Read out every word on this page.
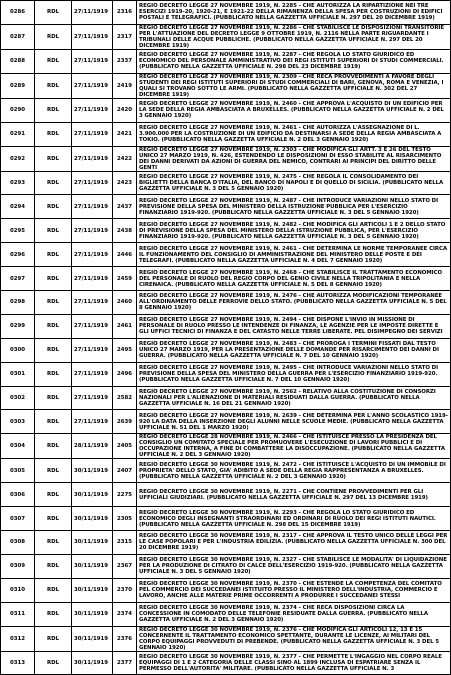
0286	RDL	27/11/1919	2316	REGIO DECRETO LEGGE 27 NOVEMBRE 1919, N. 2285 - CHE AUTORIZZA LA RIPARTIZIONE NEI TRE ESERCIZI 1919-20, 1920-21, E 1921-22 DELLA RIMANENZA DELLA SPESA PER COSTRUZIONI DI EDIFICI POSTALI E TELEGRAFICI. (PUBBLICATO NELLA GAZZETTA UFFICIALE N. 297 DEL 20 DICEMBRE 1919)
0287	RDL	27/11/1919	2317	REGIO DECRETO LEGGE 27 NOVEMBRE 1919, N. 2286 - CHE STABILISCE LE DISPOSIZIONI TRANSITORIE PER L'ATTUAZIONE DEL DECRETO LEGGE 9 OTTOBRE 1919, N. 2116 NELLA PARTE RIGUARDANTE I TRIBUNALI DELLE ACQUE PUBBLICHE. (PUBBLICATO NELLA GAZZETTA UFFICIALE N. 297 DEL 20 DICEMBRE 1919)
0288	RDL	27/11/1919	2337	REGIO DECRETO LEGGE 27 NOVEMBRE 1919, N. 2287 - CHE REGOLA LO STATO GIURIDICO ED ECONOMICO DEL PERSONALE AMMINISTRATIVO DEI REGI ISTITUTI SUPERIORI DI STUDI COMMERCIALI. (PUBBLICATO NELLA GAZZETTA UFFICIALE N. 298 DEL 23 DICEMBRE 1919)
0289	RDL	27/11/1919	2419	REGIO DECRETO LEGGE 27 NOVEMBRE 1919, N. 2309 - CHE RECA PROVVEDIMENTI A FAVORE DEGLI STUDENTI DEI REGI ISTITUTI SUPERIORI DI STUDI COMMERCIALI DI BARI, GENOVA, ROMA E VENEZIA, I QUALI SI TROVANO SOTTO LE ARMI. (PUBBLICATO NELLA GAZZETTA UFFICIALE N. 302 DEL 27 DICEMBRE 1919)
0290	RDL	27/11/1919	2420	REGIO DECRETO LEGGE 27 NOVEMBRE 1919, N. 2460 - CHE APPROVA L'ACQUISTO DI UN EDIFICIO PER LA SEDE DELLA REGIA AMBASCIATA A BRUXELLES. (PUBBLICATO NELLA GAZZETTA UFFICIALE N. 2 DEL 3 GENNAIO 1920)
0291	RDL	27/11/1919	2421	REGIO DECRETO LEGGE 27 NOVEMBRE 1919, N. 2461 - CHE AUTORIZZA L'ASSEGNAZIONE DI L. 3.900.000 PER LA COSTRUZIONE DI UN EDIFICIO DA DESTINARSI A SEDE DELLA REGIA AMBASCIATA A TOKIO. (PUBBLICATO NELLA GAZZETTA UFFICIALE N. 2 DEL 3 GENNAIO 1920)
0292	RDL	27/11/1919	2422	REGIO DECRETO LEGGE 27 NOVEMBRE 1919, N. 2303 - CHE MODIFICA GLI ARTT. 3 E 26 DEL TESTO UNICO 27 MARZO 1919, N. 426, ESTENDENDO LE DISPOSIZIONI DI ESSO STABILITE AL RISARCIMENTO DEI DANNI DERIVATI DA AZIONI DI GUERRA DEL NEMICO, CONTRARI AI PRINCIPI DEL DIRITTO DELLE GENTI
0293	RDL	27/11/1919	2423	REGIO DECRETO LEGGE 27 NOVEMBRE 1919, N. 2475 - CHE REGOLA IL CONSOLIDAMENTO DEI BIGLIETTI DELLA BANCA D'ITALIA, DEL BANCO DI NAPOLI E DI QUELLO DI SICILIA. (PUBBLICATO NELLA GAZZETTA UFFICIALE N. 3 DEL 5 GENNAIO 1920)
0294	RDL	27/11/1919	2437	REGIO DECRETO LEGGE 27 NOVEMBRE 1919, N. 2487 - CHE INTRODUCE VARIAZIONI NELLO STATO DI PREVISIONE DELLA SPESA DEL MINISTERO DELLA ISTRUZIONE PUBBLICA PER L'ESERCIZIO FINANZIARIO 1919-920. (PUBBLICATO NELLA GAZZETTA UFFICIALE N. 3 DEL 5 GENNAIO 1920)
0295	RDL	27/11/1919	2438	REGIO DECRETO LEGGE 27 NOVEMBRE 1919, N. 2482 - CHE MODIFICA GLI ARTICOLI 1 E 2 DELLO STATO DI PREVISIONE DELLA SPESA DEL MINISTERO DELLA ISTRUZIONE PUBBLICA, PER L'ESERCIZIO FINANZIARIO 1919-920. (PUBBLICATO NELLA GAZZETTA UFFICIALE N. 3 DEL 5 GENNAIO 1920)
0296	RDL	27/11/1919	2446	REGIO DECRETO LEGGE 27 NOVEMBRE 1919, N. 2461 - CHE DETERMINA LE NORME TEMPORANEE CIRCA IL FUNZIONAMENTO DEL CONSIGLIO DI AMMINISTRAZIONE DEL MINISTERO DELLE POSTE E DEI TELEGRAFI. (PUBBLICATO NELLA GAZZETTA UFFICIALE N. 4 DEL 7 GENNAIO 1920)
0297	RDL	27/11/1919	2459	REGIO DECRETO LEGGE 27 NOVEMBRE 1919, N. 2468 - CHE STABILISCE IL TRATTAMENTO ECONOMICO DEL PERSONALE DI RUOLO DEL REGIO CORPO DEL GENIO CIVILE NELLA TRIPOLITANIA E NELLA CIRENAICA. (PUBBLICATO NELLA GAZZETTA UFFICIALE N. 5 DEL 8 GENNAIO 1920)
0298	RDL	27/11/1919	2460	REGIO DECRETO LEGGE 27 NOVEMBRE 1919, N. 2476 - CHE AUTORIZZA MODIFICAZIONI TEMPORANEE ALL'ORDINAMENTO DELLE FERROVIE DELLO STATO. (PUBBLICATO NELLA GAZZETTA UFFICIALE N. 5 DEL 8 GENNAIO 1920)
0299	RDL	27/11/1919	2461	REGIO DECRETO LEGGE 27 NOVEMBRE 1919, N. 2494 - CHE DISPONE L'INVIO IN MISSIONE DI PERSONALE DI RUOLO PRESSO LE INTENDENZE DI FINANZA, LE AGENZIE PER LE IMPOSTE DIRETTE E GLI UFFICI TECNICI DI FINANZA E DEL CATASTO NELLE TERRE LIBERATE. PEL DISIMPEGNO DEI SERVIZI
0300	RDL	27/11/1919	2495	REGIO DECRETO LEGGE 27 NOVEMBRE 1919, N. 2483 - CHE PROROGA I TERMINI FISSATI DAL TESTO UNICO 27 MARZO 1919, PER LA PRESENTAZIONE DELLE DOMANDE PER RISARCIMENTO DEI DANNI DI GUERRA. (PUBBLICATO NELLA GAZZETTA UFFICIALE N. 7 DEL 10 GENNAIO 1920)
0301	RDL	27/11/1919	2496	REGIO DECRETO LEGGE 27 NOVEMBRE 1919, N. 2495 - CHE INTRODUCE VARIAZIONI NELLO STATO DI PREVISIONE DELLA SPESA DEL MINISTERO DELLA GUERRA PER L'ESERCIZIO FINANZIARIO 1919-920. (PUBBLICATO NELLA GAZZETTA UFFICIALE N. 7 DEL 10 GENNAIO 1920)
0302	RDL	27/11/1919	2582	REGIO DECRETO LEGGE 27 NOVEMBRE 1919, N. 2562 - RELATIVO ALLA COSTITUZIONE DI CONSORZI NAZIONALI PER L'ALIENAZIONE DI MATERIALI RESIDUATI DALLA GUERRA. (PUBBLICATO NELLA GAZZETTA UFFICIALE N. 16 DEL 21 GENNAIO 1920)
0303	RDL	27/11/1919	2639	REGIO DECRETO LEGGE 27 NOVEMBRE 1919, N. 2639 - CHE DETERMINA PER L'ANNO SCOLASTICO 1919-920 LA DATA DELLA INSERZIONE DEGLI ALUNNI NELLE SCUOLE MEDIE. (PUBBLICATO NELLA GAZZETTA UFFICIALE N. 51 DEL 1 MARZO 1920)
0304	RDL	28/11/1919	2405	REGIO DECRETO LEGGE 28 NOVEMBRE 1919, N. 2466 - CHE ISTITUISCE PRESSO LA PRESIDENZA DEL CONSIGLIO UN COMITATO SPECIALE PER PROMUOVERE L'ESECUZIONE DI LAVORI PUBBLICI E DI OCCUPAZIONE INTERNA, A FINE DI COMBATTERE LA DISOCCUPAZIONE. (PUBBLICATO NELLA GAZZETTA UFFICIALE N. 2 DEL 3 GENNAIO 1920)
0305	RDL	30/11/1919	2407	REGIO DECRETO LEGGE 30 NOVEMBRE 1919, N. 2472 - CHE ISTITUISCE L'ACQUISTO DI UN IMMOBILE DI PROPRIETA' DELLO STATO, GIA' ADIBITO A SEDE DELLA REGIA RAPPRESENTANZA A BRUXELLES. (PUBBLICATO NELLA GAZZETTA UFFICIALE N. 2 DEL 3 GENNAIO 1920)
0306	RDL	30/11/1919	2275	REGIO DECRETO LEGGE 30 NOVEMBRE 1919, N. 2271 - CHE CONTIENE PROVVEDIMENTI PER GLI UFFICIALI GIUDIZIARI. (PUBBLICATO NELLA GAZZETTA UFFICIALE N. 297 DEL 13 DICEMBRE 1919)
0307	RDL	30/11/1919	2305	REGIO DECRETO LEGGE 30 NOVEMBRE 1919, N. 2293 - CHE REGOLA LO STATO GIURIDICO ED ECONOMICO DEGLI INSEGNANTI STRAORDINARI ED ORDINARI DI RUOLO DEI REGI ISTITUTI NAUTICI. (PUBBLICATO NELLA GAZZETTA UFFICIALE N. 298 DEL 15 DICEMBRE 1919)
0308	RDL	30/11/1919	2315	REGIO DECRETO LEGGE 30 NOVEMBRE 1919, N. 2317 - CHE APPROVA IL TESTO UNICO DELLE LEGGI PER LE CASE POPOLARI E PER L'INDUSTRIA EDILIZIA. (PUBBLICATO NELLA GAZZETTA UFFICIALE N. 300 DEL 20 DICEMBRE 1919)
0309	RDL	30/11/1919	2367	REGIO DECRETO LEGGE 30 NOVEMBRE 1919, N. 2327 - CHE STABILISCE LE MODALITA' DI LIQUIDAZIONE PER LA PRODUZIONE DI CITRATO DI CALCE DELL'ESERCIZIO 1919-920. (PUBBLICATO NELLA GAZZETTA UFFICIALE N. 3 DEL 5 GENNAIO 1920)
0310	RDL	30/11/1919	2370	REGIO DECRETO LEGGE 30 NOVEMBRE 1919, N. 2370 - CHE ESTENDE LA COMPETENZA DEL COMITATO PEL COMMERCIO DEI SUCCEDANEI ISTITUITO PRESSO IL MINISTERO DELL'INDUSTRIA, COMMERCIO E LAVORO, ANCHE ALLE MATERIE PRIME OCCORRENTI A PRODURRE I SUCCEDANEI STESSI
0311	RDL	30/11/1919	2374	REGIO DECRETO LEGGE 30 NOVEMBRE 1919, N. 2374 - CHE RECA DISPOSIZIONI CIRCA LA CONCESSIONE IN COMODATO DELLE TELEFONIE RESIDUATE DALLA GUERRA. (PUBBLICATO NELLA GAZZETTA UFFICIALE N. 2 DEL 3 GENNAIO 1920)
0312	RDL	30/11/1919	2376	REGIO DECRETO LEGGE 30 NOVEMBRE 1919, N. 2376 - CHE MODIFICA GLI ARTICOLI 12, 13 E 15 CONCERNENTE IL TRATTAMENTO ECONOMICO SPETTANTE, DURANTE LE LICENZE, AI MILITARI DEL CORPO EQUIPAGGI PROVVEDUTI DI PREBENDE. (PUBBLICATO NELLA GAZZETTA UFFICIALE N. 3 DEL 5 GENNAIO 1920)
0313	RDL	30/11/1919	2377	REGIO DECRETO LEGGE 30 NOVEMBRE 1919, N. 2377 - CHE PERMETTE L'INGAGGIO NEL CORPO REALE EQUIPAGGI DI 1 E 2 CATEGORIA DELLE CLASSI SINO AL 1899 INCLUSA DI ESPATRIARE SENZA IL PERMESSO DELL'AUTORITA' MILITARE. (PUBBLICATO NELLA GAZZETTA UFFICIALE N. 3
